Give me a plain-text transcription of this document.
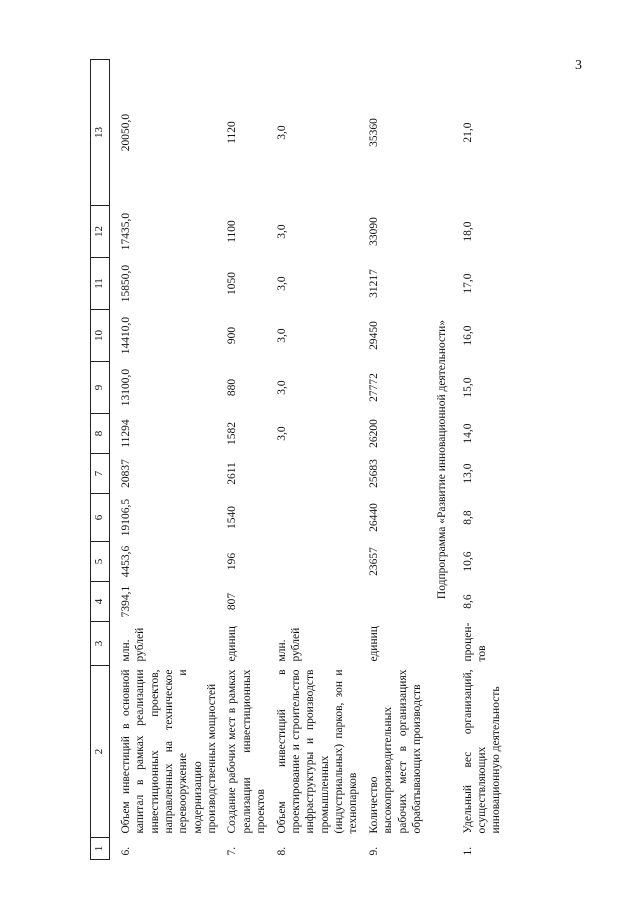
3
1	2	3	4	5	6	7	8	9	10	11	12	13

6.	Объем инвестиций в основной капитал в рамках реализации инвестиционных проектов, направленных на техническое перевооружение и модернизацию производственных мощностей	млн. рублей	7394,1	4453,6	19106,5	20837	11294	13100,0	14410,0	15850,0	17435,0	20050,0
7.	Создание рабочих мест в рамках реализации инвестиционных проектов	единиц	807	196	1540	2611	1582	880	900	1050	1100	1120
8.	Объем инвестиций в проектирование и строительство инфраструктуры и производств промышленных (индустриальных) парков, зон и технопарков	млн. рублей					3,0	3,0	3,0	3,0	3,0	3,0
9.	Количество высокопроизводительных рабочих мест в организациях обрабатывающих производств	единиц		23657	26440	25683	26200	27772	29450	31217	33090	35360
Подпрограмма «Развитие инновационной деятельности»												
1.	Удельный вес организаций, осуществляющих инновационную деятельность	процен-тов	8,6	10,6	8,8	13,0	14,0	15,0	16,0	17,0	18,0	21,0
